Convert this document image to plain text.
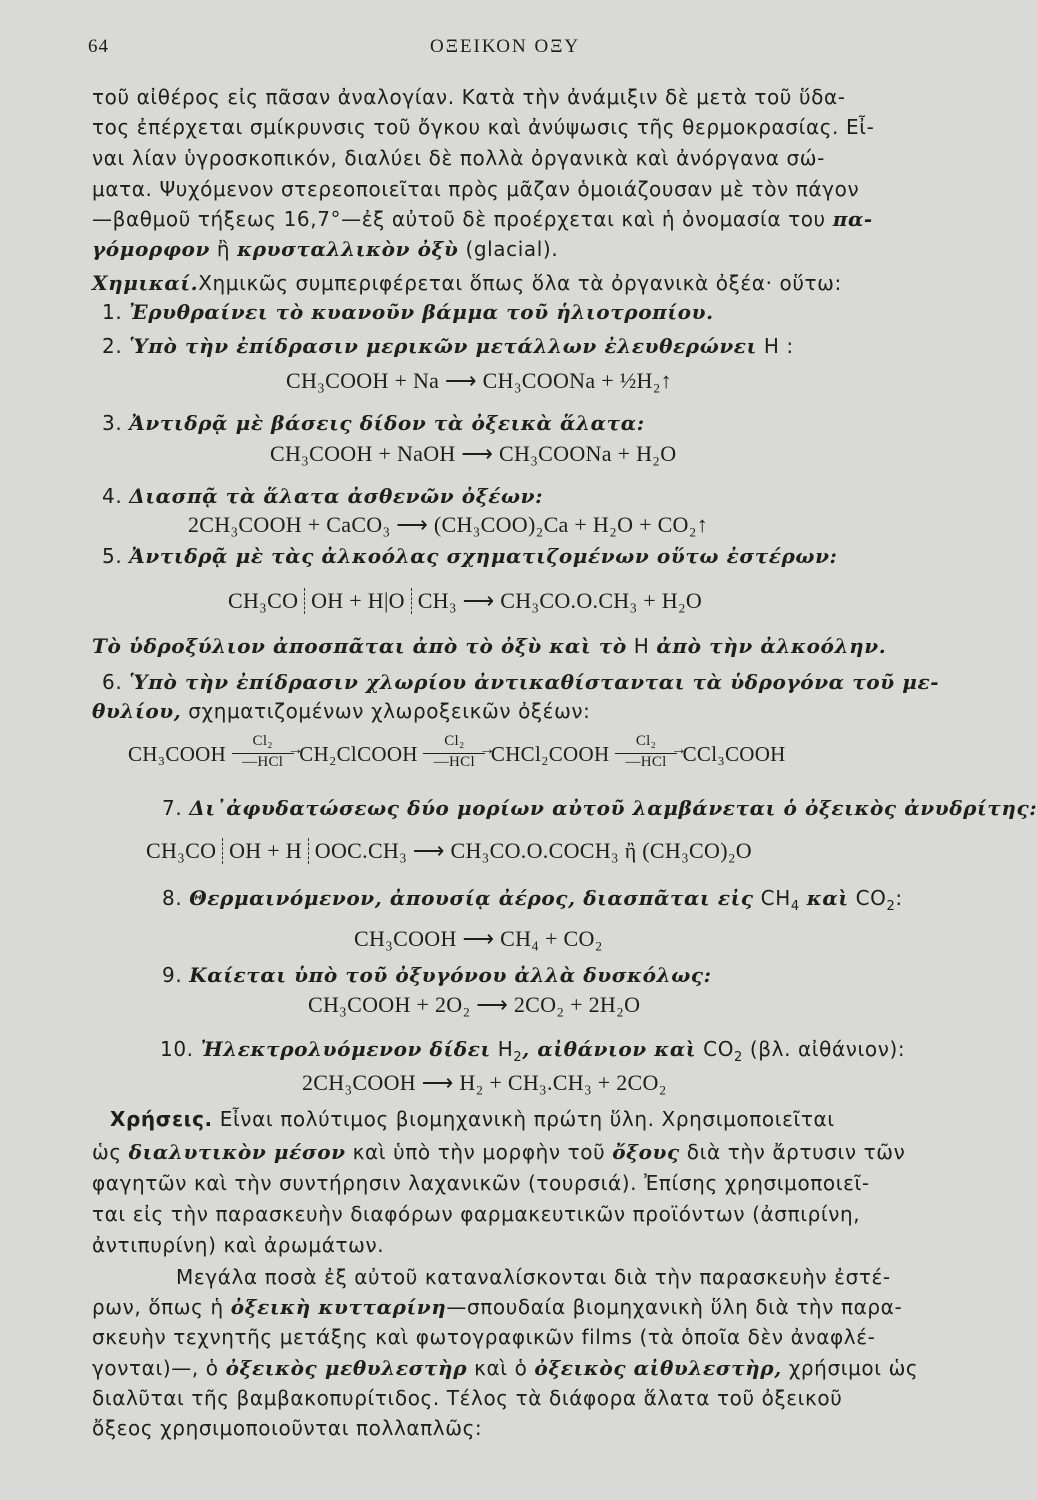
64	ΟΞΕΙΚΟΝ ΟΞΥ
τοῦ αἰθέρος εἰς πᾶσαν ἀναλογίαν. Κατὰ τὴν ἀνάμιξιν δὲ μετὰ τοῦ ὕδα-
τος ἐπέρχεται σμίκρυνσις τοῦ ὄγκου καὶ ἀνύψωσις τῆς θερμοκρασίας. Εἶ-
ναι λίαν ὑγροσκοπικόν, διαλύει δὲ πολλὰ ὀργανικὰ καὶ ἀνόργανα σώ-
ματα. Ψυχόμενον στερεοποιεῖται πρὸς μᾶζαν ὁμοιάζουσαν μὲ τὸν πάγον
—βαθμοῦ τήξεως 16,7°—ἐξ αὐτοῦ δὲ προέρχεται καὶ ἡ ὀνομασία του πα-
γόμορφον ἢ κρυσταλλικὸν ὀξὺ (glacial).
Χημικαί.Χημικῶς συμπεριφέρεται ὅπως ὅλα τὰ ὀργανικὰ ὀξέα· οὕτω:
1. Ἐρυθραίνει τὸ κυανοῦν βάμμα τοῦ ἡλιοτροπίου.
2. Ὑπὸ τὴν ἐπίδρασιν μερικῶν μετάλλων ἐλευθερώνει H :
CH₃COOH + Na ⟶ CH₃COONa + ½H₂↑
3. Ἀντιδρᾷ μὲ βάσεις δίδον τὰ ὀξεικὰ ἅλατα:
CH₃COOH + NaOH ⟶ CH₃COONa + H₂O
4. Διασπᾷ τὰ ἅλατα ἀσθενῶν ὀξέων:
2CH₃COOH + CaCO₃ ⟶ (CH₃COO)₂Ca + H₂O + CO₂↑
5. Ἀντιδρᾷ μὲ τὰς ἀλκοόλας σχηματιζομένων οὕτω ἐστέρων:
CH₃CO OH + H|O CH₃ ⟶ CH₃CO.O.CH₃ + H₂O
Τὸ ὑδροξύλιον ἀποσπᾶται ἀπὸ τὸ ὀξὺ καὶ τὸ H ἀπὸ τὴν ἀλκοόλην.
6. Ὑπὸ τὴν ἐπίδρασιν χλωρίου ἀντικαθίστανται τὰ ὑδρογόνα τοῦ με-
θυλίου, σχηματιζομένων χλωροξεικῶν ὀξέων:
CH₃COOH
Cl₂
—HCl
→
CH₂ClCOOH
Cl₂
—HCl
→
CHCl₂COOH
Cl₂
—HCl
→
CCl₃COOH
7. Δι᾽ἀφυδατώσεως δύο μορίων αὐτοῦ λαμβάνεται ὁ ὀξεικὸς ἀνυδρίτης:
CH₃CO OH + H OOC.CH₃ ⟶ CH₃CO.O.COCH₃ ἢ (CH₃CO)₂O
8. Θερμαινόμενον, ἀπουσίᾳ ἀέρος, διασπᾶται εἰς $CH_4$ καὶ $CO_2$:
CH₃COOH ⟶ CH₄ + CO₂
9. Καίεται ὑπὸ τοῦ ὀξυγόνου ἀλλὰ δυσκόλως:
CH₃COOH + 2O₂ ⟶ 2CO₂ + 2H₂O
10. Ἠλεκτρολυόμενον δίδει $H_2$, αἰθάνιον καὶ $CO_2$ (βλ. αἰθάνιον):
2CH₃COOH ⟶ H₂ + CH₃.CH₃ + 2CO₂
Χρήσεις. Εἶναι πολύτιμος βιομηχανικὴ πρώτη ὕλη. Χρησιμοποιεῖται
ὡς διαλυτικὸν μέσον καὶ ὑπὸ τὴν μορφὴν τοῦ ὄξους διὰ τὴν ἄρτυσιν τῶν
φαγητῶν καὶ τὴν συντήρησιν λαχανικῶν (τουρσιά). Ἐπίσης χρησιμοποιεῖ-
ται εἰς τὴν παρασκευὴν διαφόρων φαρμακευτικῶν προϊόντων (ἀσπιρίνη,
ἀντιπυρίνη) καὶ ἀρωμάτων.
Μεγάλα ποσὰ ἐξ αὐτοῦ καταναλίσκονται διὰ τὴν παρασκευὴν ἐστέ-
ρων, ὅπως ἡ ὀξεικὴ κυτταρίνη—σπουδαία βιομηχανικὴ ὕλη διὰ τὴν παρα-
σκευὴν τεχνητῆς μετάξης καὶ φωτογραφικῶν films (τὰ ὁποῖα δὲν ἀναφλέ-
γονται)—, ὁ ὀξεικὸς μεθυλεστὴρ καὶ ὁ ὀξεικὸς αἰθυλεστὴρ, χρήσιμοι ὡς
διαλῦται τῆς βαμβακοπυρίτιδος. Τέλος τὰ διάφορα ἅλατα τοῦ ὀξεικοῦ
ὄξεος χρησιμοποιοῦνται πολλαπλῶς:
